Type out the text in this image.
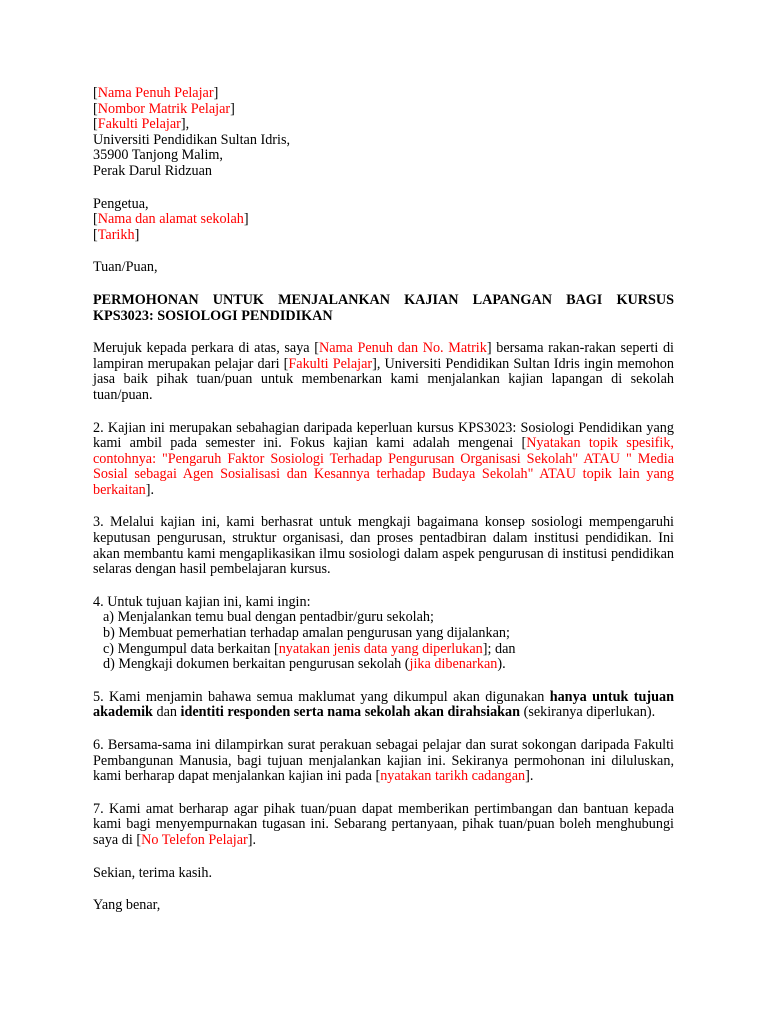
[Nama Penuh Pelajar]

[Nombor Matrik Pelajar]

[Fakulti Pelajar],

Universiti Pendidikan Sultan Idris,

35900 Tanjong Malim,

Perak Darul Ridzuan

Pengetua,

[Nama dan alamat sekolah]

[Tarikh]

Tuan/Puan,

PERMOHONAN UNTUK MENJALANKAN KAJIAN LAPANGAN BAGI KURSUS KPS3023: SOSIOLOGI PENDIDIKAN

Merujuk kepada perkara di atas, saya [Nama Penuh dan No. Matrik] bersama rakan-rakan seperti di lampiran merupakan pelajar dari [Fakulti Pelajar], Universiti Pendidikan Sultan Idris ingin memohon jasa baik pihak tuan/puan untuk membenarkan kami menjalankan kajian lapangan di sekolah tuan/puan.

2. Kajian ini merupakan sebahagian daripada keperluan kursus KPS3023: Sosiologi Pendidikan yang kami ambil pada semester ini. Fokus kajian kami adalah mengenai [Nyatakan topik spesifik, contohnya: "Pengaruh Faktor Sosiologi Terhadap Pengurusan Organisasi Sekolah" ATAU " Media Sosial sebagai Agen Sosialisasi dan Kesannya terhadap Budaya Sekolah" ATAU topik lain yang berkaitan].

3. Melalui kajian ini, kami berhasrat untuk mengkaji bagaimana konsep sosiologi mempengaruhi keputusan pengurusan, struktur organisasi, dan proses pentadbiran dalam institusi pendidikan. Ini akan membantu kami mengaplikasikan ilmu sosiologi dalam aspek pengurusan di institusi pendidikan selaras dengan hasil pembelajaran kursus.

4. Untuk tujuan kajian ini, kami ingin:

a) Menjalankan temu bual dengan pentadbir/guru sekolah;

b) Membuat pemerhatian terhadap amalan pengurusan yang dijalankan;

c) Mengumpul data berkaitan [nyatakan jenis data yang diperlukan]; dan

d) Mengkaji dokumen berkaitan pengurusan sekolah (jika dibenarkan).

5. Kami menjamin bahawa semua maklumat yang dikumpul akan digunakan hanya untuk tujuan akademik dan identiti responden serta nama sekolah akan dirahsiakan (sekiranya diperlukan).

6. Bersama-sama ini dilampirkan surat perakuan sebagai pelajar dan surat sokongan daripada Fakulti Pembangunan Manusia, bagi tujuan menjalankan kajian ini. Sekiranya permohonan ini diluluskan, kami berharap dapat menjalankan kajian ini pada [nyatakan tarikh cadangan].

7. Kami amat berharap agar pihak tuan/puan dapat memberikan pertimbangan dan bantuan kepada kami bagi menyempurnakan tugasan ini. Sebarang pertanyaan, pihak tuan/puan boleh menghubungi saya di [No Telefon Pelajar].

Sekian, terima kasih.

Yang benar,
